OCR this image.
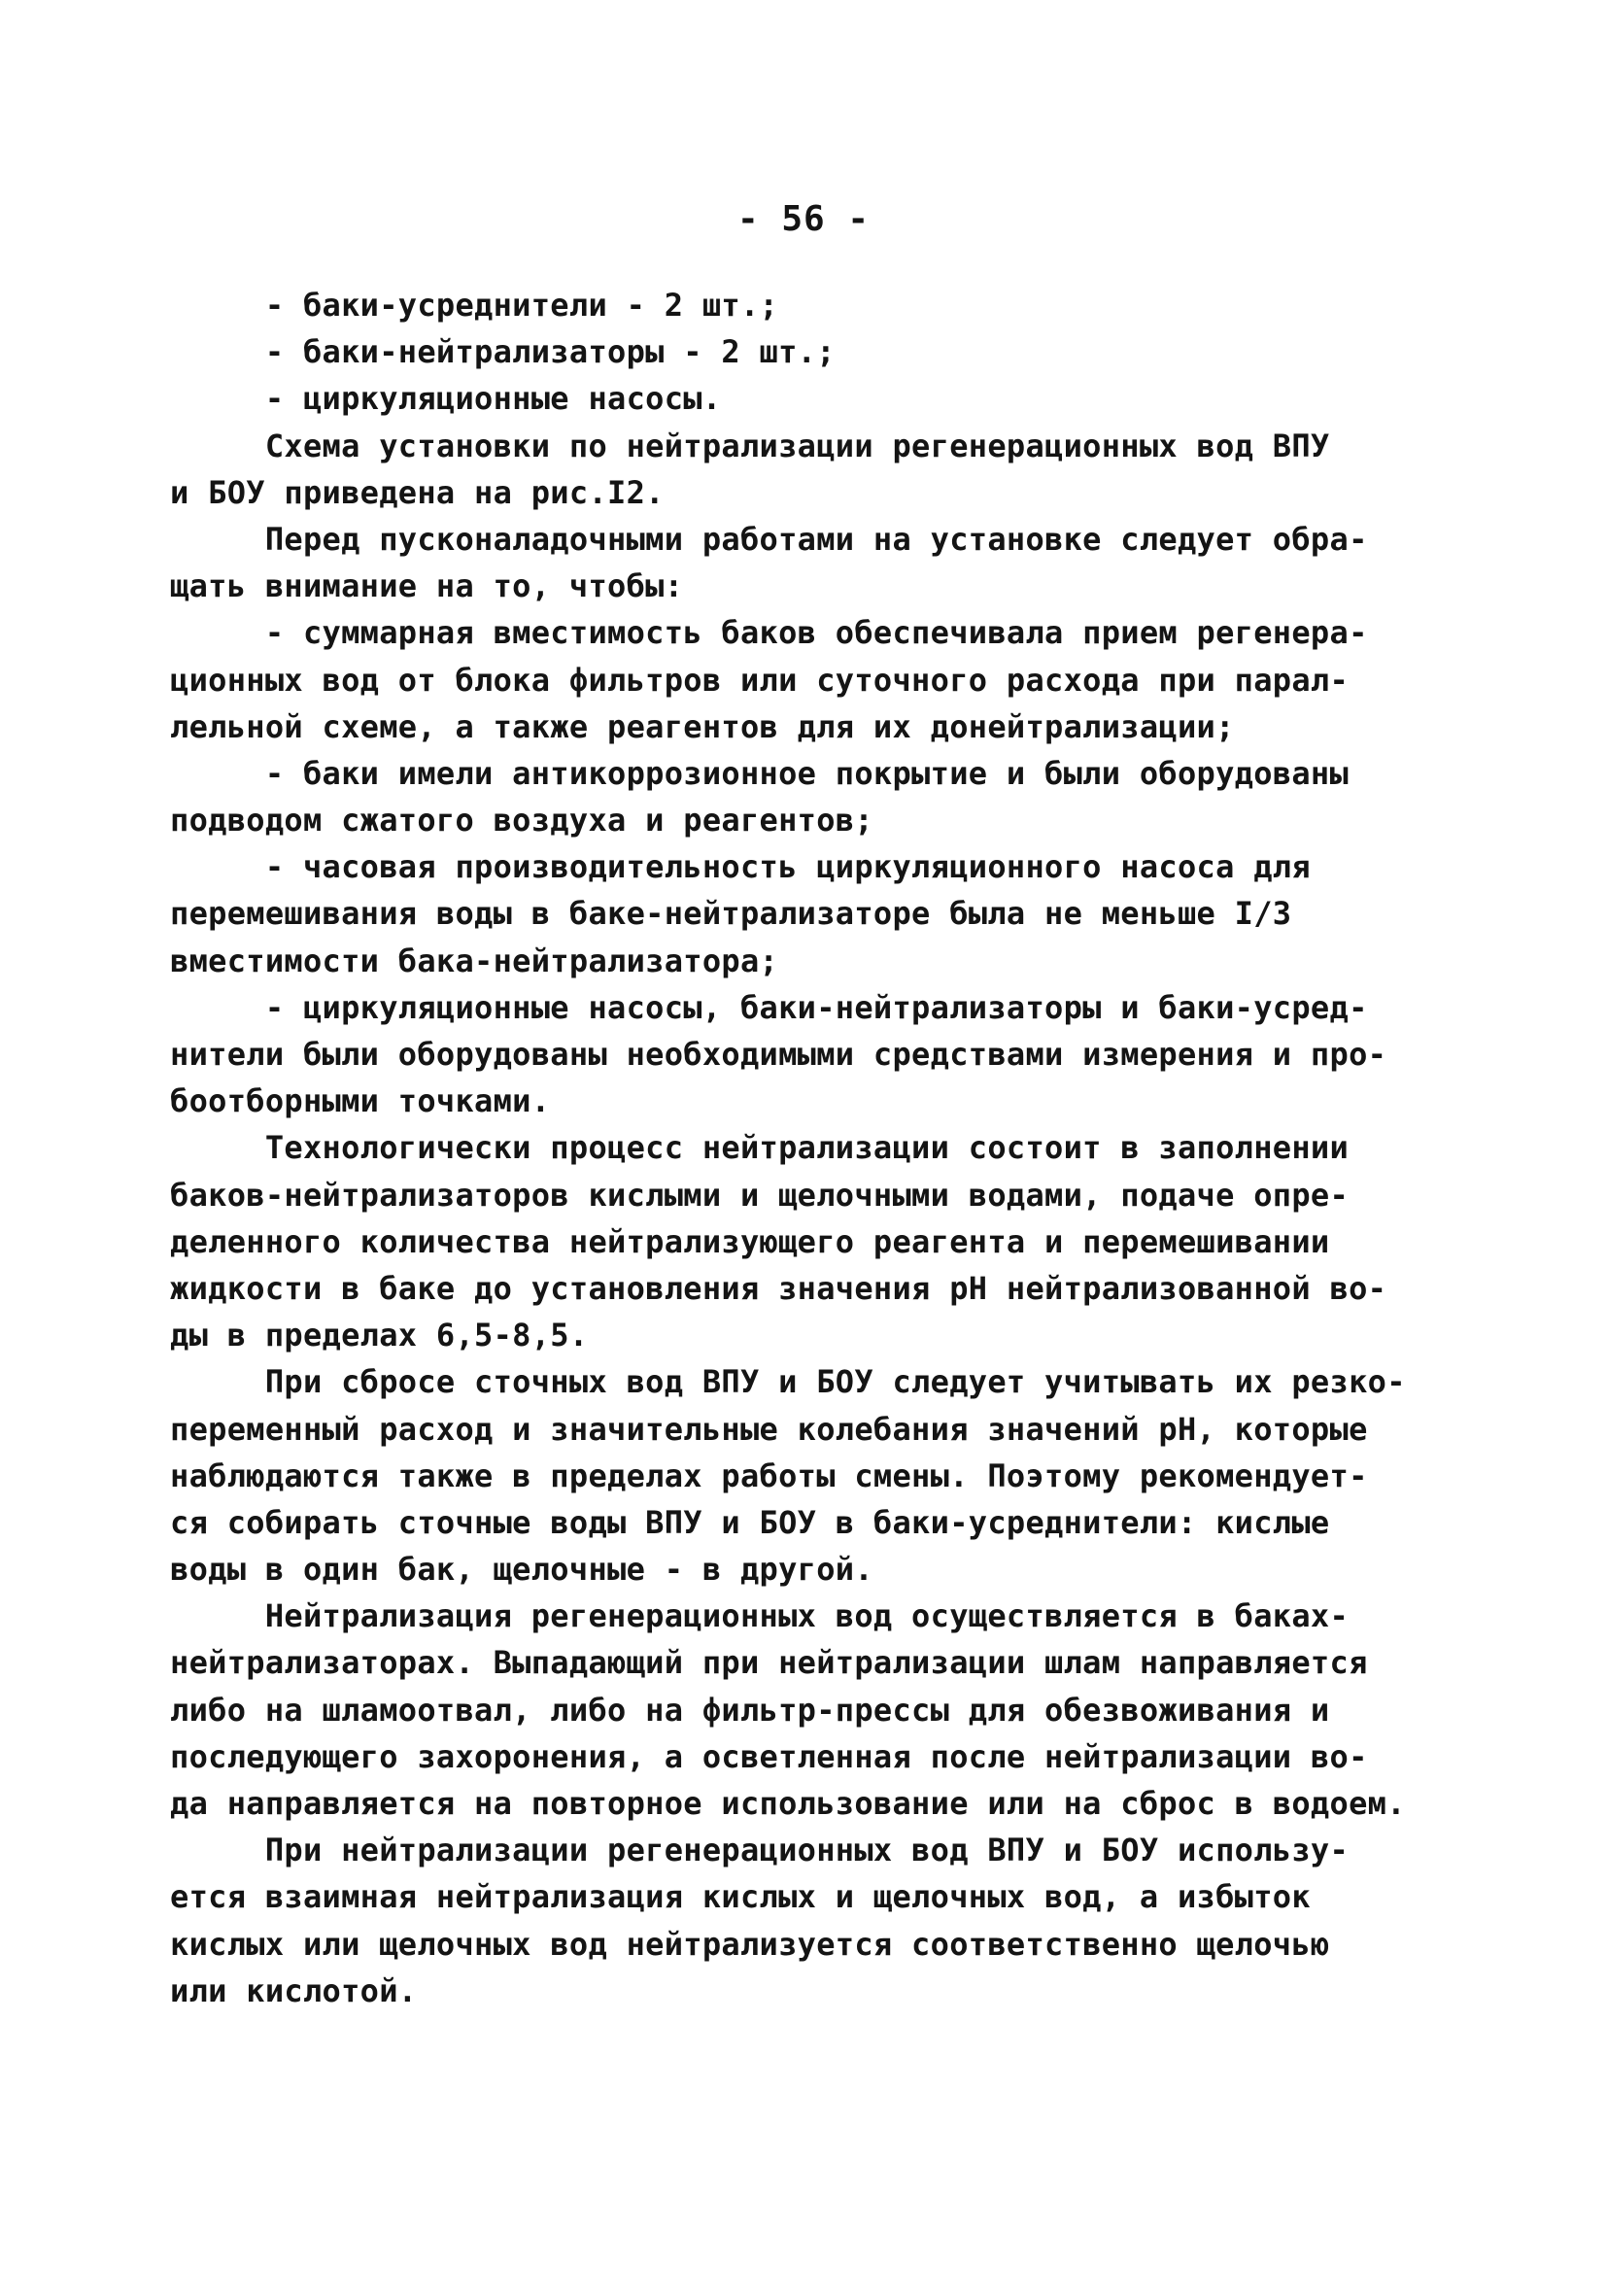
- 56 -
- баки-усреднители - 2 шт.;
- баки-нейтрализаторы - 2 шт.;
- циркуляционные насосы.
Схема установки по нейтрализации регенерационных вод ВПУ
и БОУ приведена на рис.I2.
Перед пусконаладочными работами на установке следует обра-
щать внимание на то, чтобы:
- суммарная вместимость баков обеспечивала прием регенера-
ционных вод от блока фильтров или суточного расхода при парал-
лельной схеме, а также реагентов для их донейтрализации;
- баки имели антикоррозионное покрытие и были оборудованы
подводом сжатого воздуха и реагентов;
- часовая производительность циркуляционного насоса для
перемешивания воды в баке-нейтрализаторе была не меньше I/3
вместимости бака-нейтрализатора;
- циркуляционные насосы, баки-нейтрализаторы и баки-усред-
нители были оборудованы необходимыми средствами измерения и про-
боотборными точками.
Технологически процесс нейтрализации состоит в заполнении
баков-нейтрализаторов кислыми и щелочными водами, подаче опре-
деленного количества нейтрализующего реагента и перемешивании
жидкости в баке до установления значения рН нейтрализованной во-
ды в пределах 6,5-8,5.
При сбросе сточных вод ВПУ и БОУ следует учитывать их резко-
переменный расход и значительные колебания значений рН, которые
наблюдаются также в пределах работы смены. Поэтому рекомендует-
ся собирать сточные воды ВПУ и БОУ в баки-усреднители: кислые
воды в один бак, щелочные - в другой.
Нейтрализация регенерационных вод осуществляется в баках-
нейтрализаторах. Выпадающий при нейтрализации шлам направляется
либо на шламоотвал, либо на фильтр-прессы для обезвоживания и
последующего захоронения, а осветленная после нейтрализации во-
да направляется на повторное использование или на сброс в водоем.
При нейтрализации регенерационных вод ВПУ и БОУ использу-
ется взаимная нейтрализация кислых и щелочных вод, а избыток
кислых или щелочных вод нейтрализуется соответственно щелочью
или кислотой.
